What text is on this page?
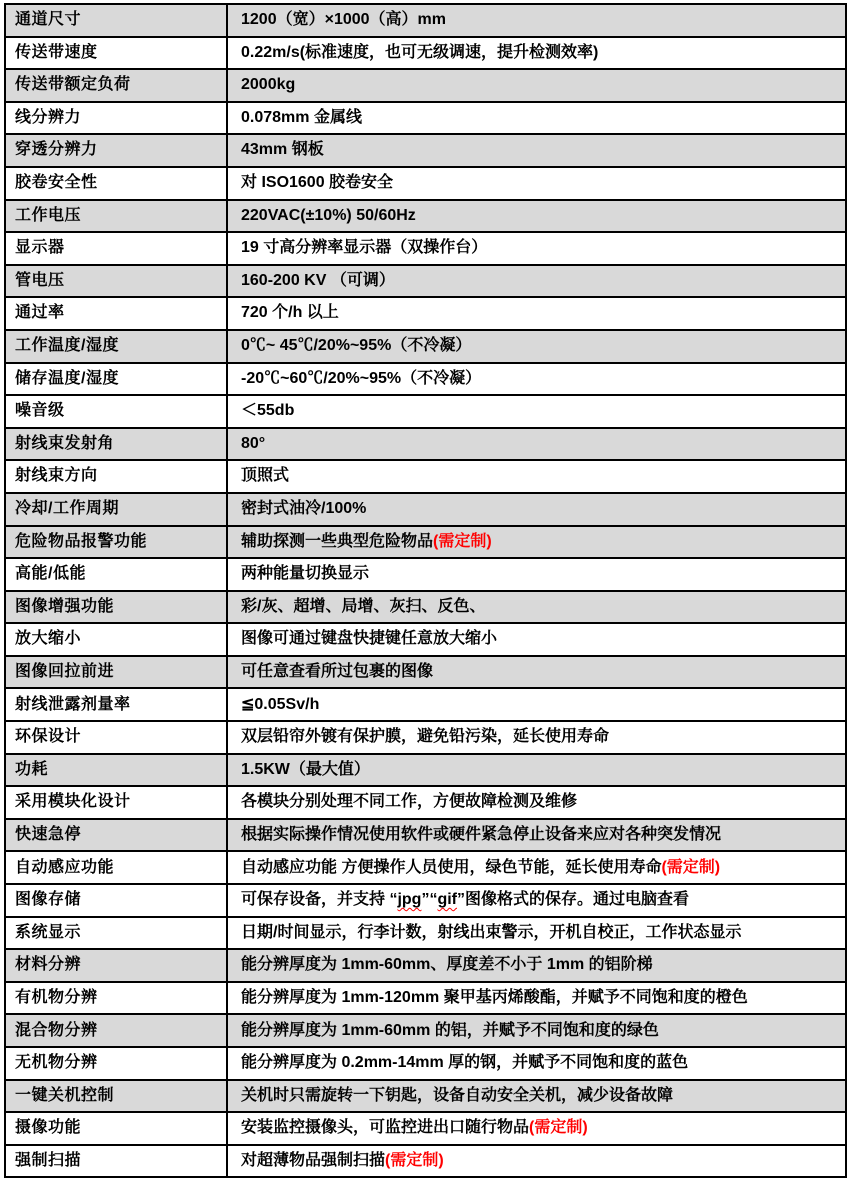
通道尺寸	1200（宽）×1000（高）mm
传送带速度	0.22m/s(标准速度，也可无级调速，提升检测效率)
传送带额定负荷	2000kg
线分辨力	0.078mm 金属线
穿透分辨力	43mm 钢板
胶卷安全性	对 ISO1600 胶卷安全
工作电压	220VAC(±10%) 50/60Hz
显示器	19 寸高分辨率显示器（双操作台）
管电压	160-200 KV （可调）
通过率	720 个/h 以上
工作温度/湿度	0℃~ 45℃/20%~95%（不冷凝）
储存温度/湿度	-20℃~60℃/20%~95%（不冷凝）
噪音级	＜55db
射线束发射角	80°
射线束方向	顶照式
冷却/工作周期	密封式油冷/100%
危险物品报警功能	辅助探测一些典型危险物品(需定制)
高能/低能	两种能量切换显示
图像增强功能	彩/灰、超增、局增、灰扫、反色、
放大缩小	图像可通过键盘快捷键任意放大缩小
图像回拉前进	可任意查看所过包裹的图像
射线泄露剂量率	≦0.05Sv/h
环保设计	双层铅帘外镀有保护膜，避免铅污染，延长使用寿命
功耗	1.5KW（最大值）
采用模块化设计	各模块分别处理不同工作，方便故障检测及维修
快速急停	根据实际操作情况使用软件或硬件紧急停止设备来应对各种突发情况
自动感应功能	自动感应功能 方便操作人员使用，绿色节能，延长使用寿命(需定制)
图像存储	可保存设备，并支持 “jpg”“gif”图像格式的保存。通过电脑查看
系统显示	日期/时间显示，行李计数，射线出束警示，开机自校正，工作状态显示
材料分辨	能分辨厚度为 1mm-60mm、厚度差不小于 1mm 的铝阶梯
有机物分辨	能分辨厚度为 1mm-120mm 聚甲基丙烯酸酯，并赋予不同饱和度的橙色
混合物分辨	能分辨厚度为 1mm-60mm 的铝，并赋予不同饱和度的绿色
无机物分辨	能分辨厚度为 0.2mm-14mm 厚的钢，并赋予不同饱和度的蓝色
一键关机控制	关机时只需旋转一下钥匙，设备自动安全关机，减少设备故障
摄像功能	安装监控摄像头，可监控进出口随行物品(需定制)
强制扫描	对超薄物品强制扫描(需定制)
